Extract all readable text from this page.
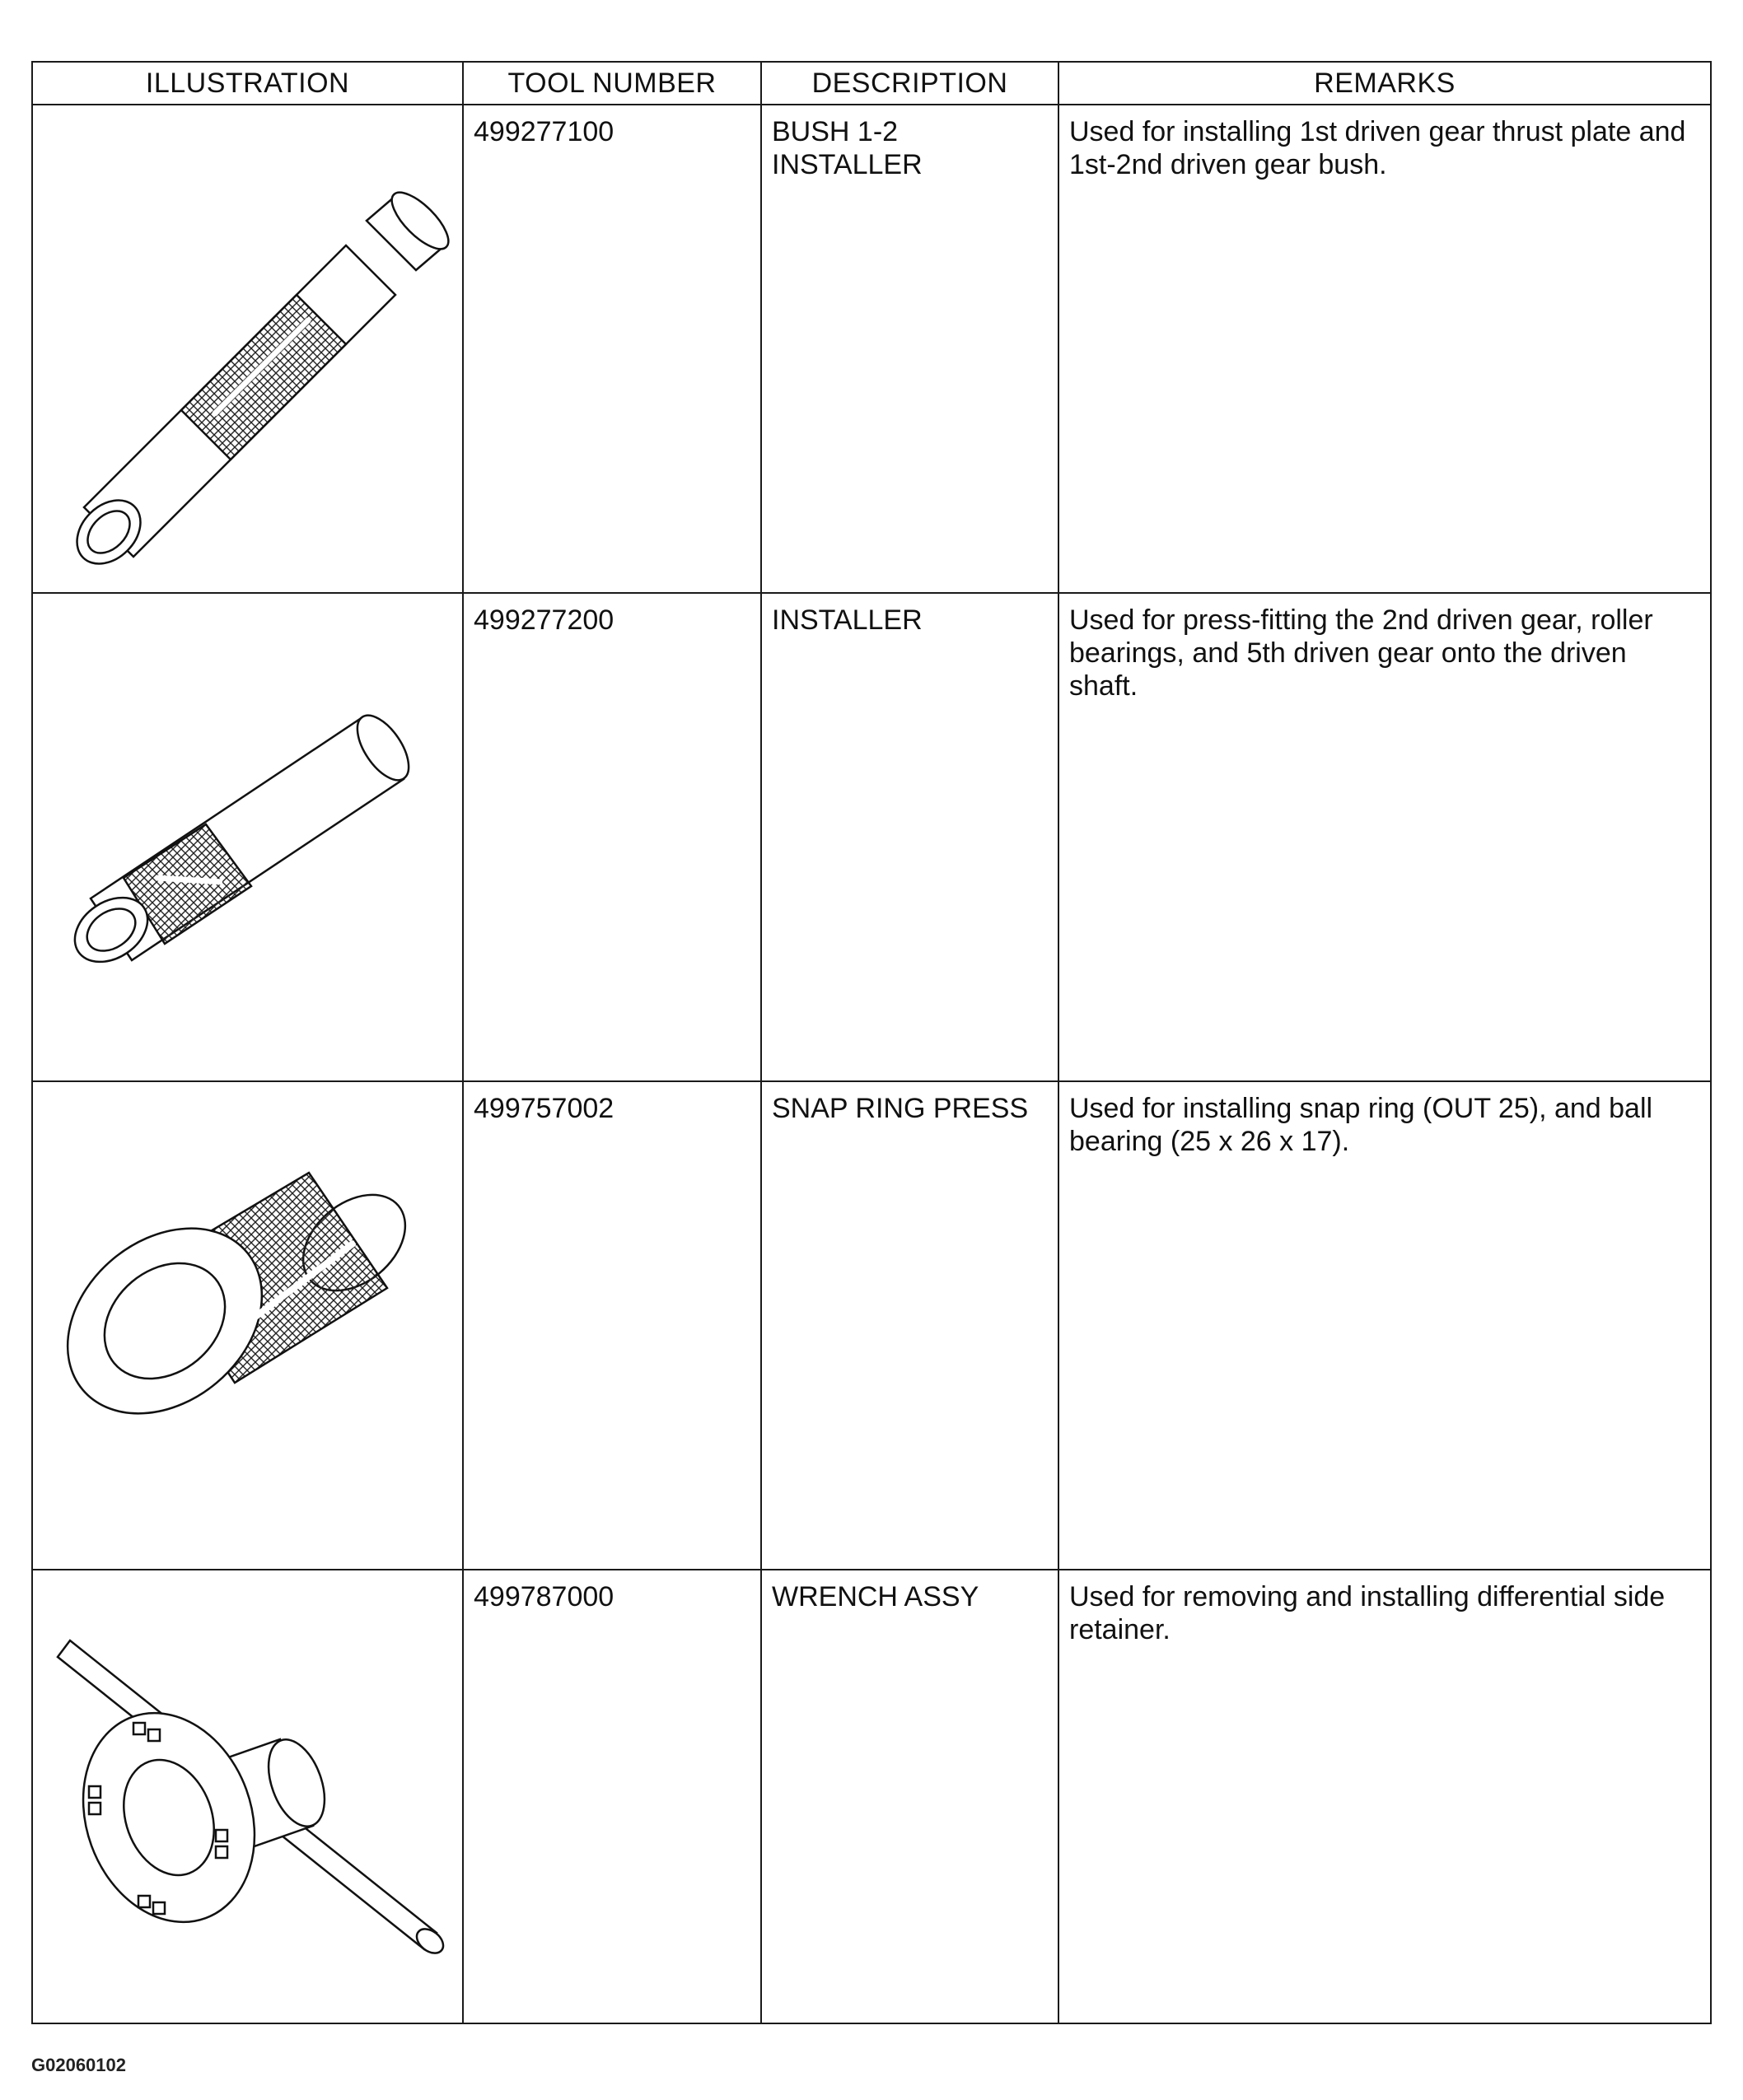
ILLUSTRATION	TOOL NUMBER	DESCRIPTION	REMARKS

	499277100	BUSH 1-2 INSTALLER	Used for installing 1st driven gear thrust plate and 1st-2nd driven gear bush.

	499277200	INSTALLER	Used for press-fitting the 2nd driven gear, roller bearings, and 5th driven gear onto the driven shaft.

	499757002	SNAP RING PRESS	Used for installing snap ring (OUT 25), and ball bearing (25 x 26 x 17).

	499787000	WRENCH ASSY	Used for removing and installing differential side retainer.
G02060102
